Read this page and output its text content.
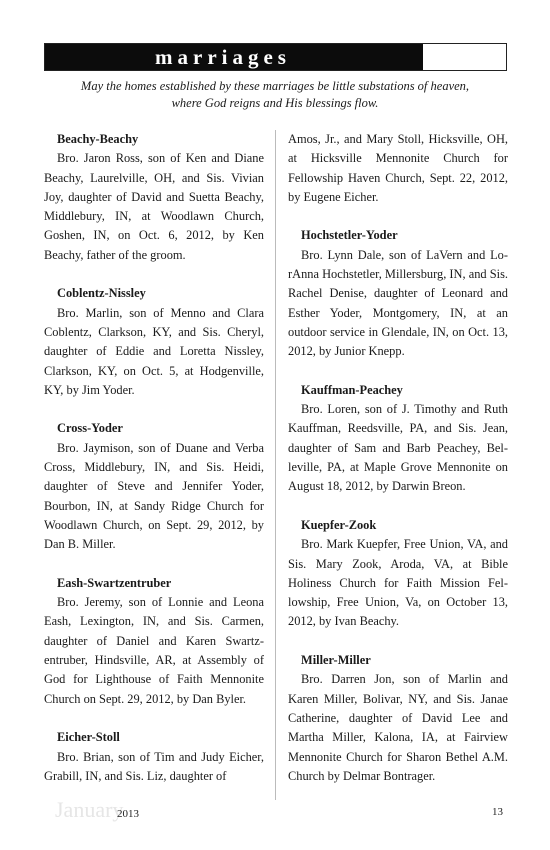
marriages
May the homes established by these marriages be little substations of heaven,
where God reigns and His blessings flow.
Beachy-Beachy

Bro. Jaron Ross, son of Ken and Diane Beachy, Laurelville, OH, and Sis. Vivian Joy, daughter of David and Suetta Beachy, Middlebury, IN, at Woodlawn Church, Goshen, IN, on Oct. 6, 2012, by Ken Beachy, father of the groom.

Coblentz-Nissley

Bro. Marlin, son of Menno and Clara Coblentz, Clarkson, KY, and Sis. Cheryl, daughter of Eddie and Loretta Nissley, Clarkson, KY, on Oct. 5, at Hodgenville, KY, by Jim Yoder.

Cross-Yoder

Bro. Jaymison, son of Duane and Verba Cross, Middlebury, IN, and Sis. Heidi, daughter of Steve and Jennifer Yoder, Bourbon, IN, at Sandy Ridge Church for Woodlawn Church, on Sept. 29, 2012, by Dan B. Miller.

Eash-Swartzentruber

Bro. Jeremy, son of Lonnie and Leona Eash, Lexington, IN, and Sis. Carmen, daughter of Daniel and Karen Swartzentruber, Hindsville, AR, at Assembly of God for Lighthouse of Faith Mennonite Church on Sept. 29, 2012, by Dan Byler.

Eicher-Stoll

Bro. Brian, son of Tim and Judy Eicher, Grabill, IN, and Sis. Liz, daughter of

Amos, Jr., and Mary Stoll, Hicksville, OH, at Hicksville Mennonite Church for Fellowship Haven Church, Sept. 22, 2012, by Eugene Eicher.

Hochstetler-Yoder

Bro. Lynn Dale, son of LaVern and LorAnna Hochstetler, Millersburg, IN, and Sis. Rachel Denise, daughter of Leonard and Esther Yoder, Montgomery, IN, at an outdoor service in Glendale, IN, on Oct. 13, 2012, by Junior Knepp.

Kauffman-Peachey

Bro. Loren, son of J. Timothy and Ruth Kauffman, Reedsville, PA, and Sis. Jean, daughter of Sam and Barb Peachey, Belleville, PA, at Maple Grove Mennonite on August 18, 2012, by Darwin Breon.

Kuepfer-Zook

Bro. Mark Kuepfer, Free Union, VA, and Sis. Mary Zook, Aroda, VA, at Bible Holiness Church for Faith Mission Fellowship, Free Union, Va, on October 13, 2012, by Ivan Beachy.

Miller-Miller

Bro. Darren Jon, son of Marlin and Karen Miller, Bolivar, NY, and Sis. Janae Catherine, daughter of David Lee and Martha Miller, Kalona, IA, at Fairview Mennonite Church for Sharon Bethel A.M. Church by Delmar Bontrager.

January
2013	13
